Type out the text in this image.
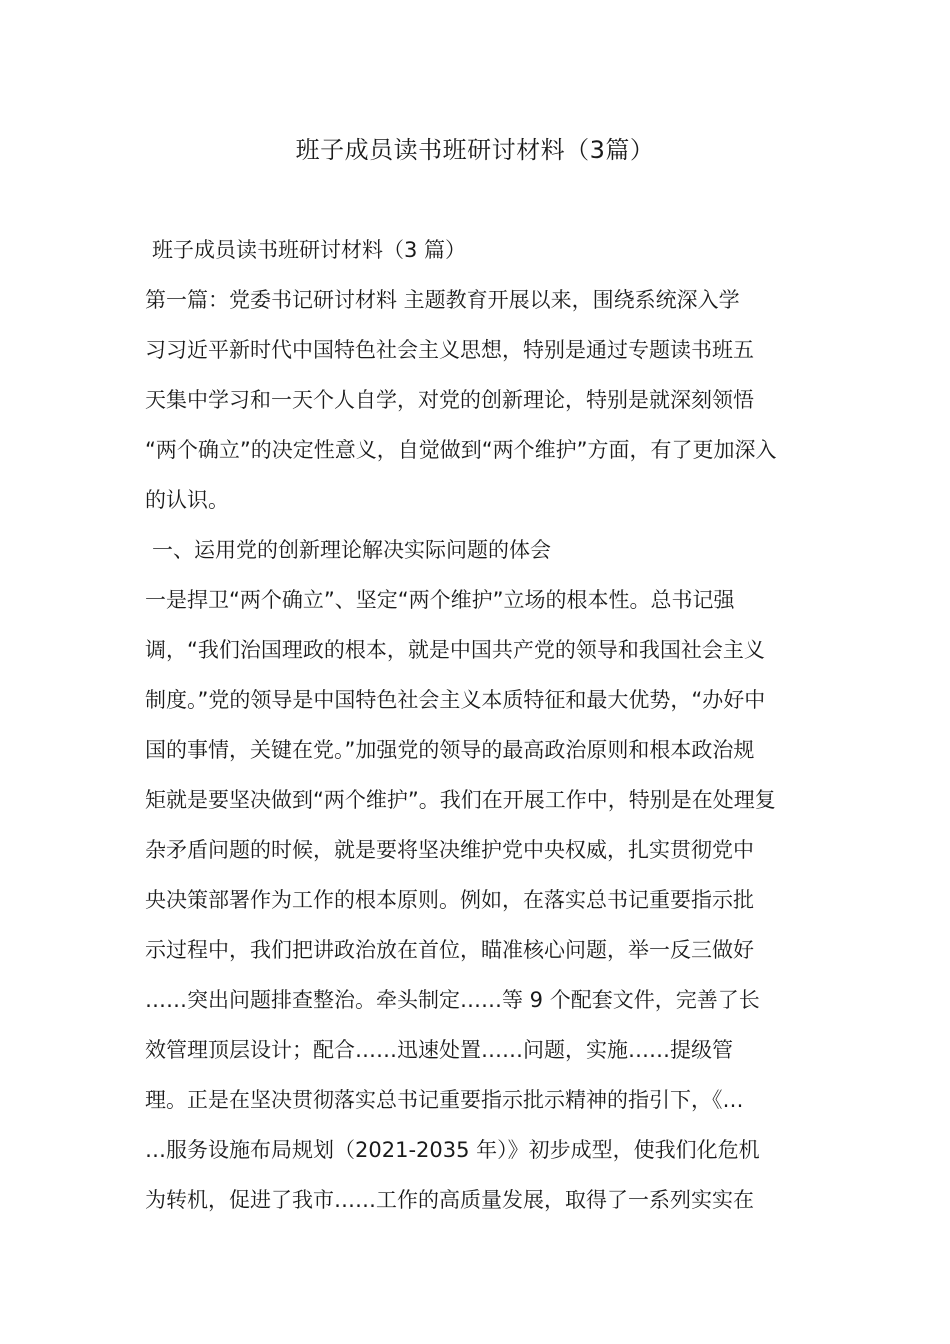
班子成员读书班研讨材料（3篇）
班子成员读书班研讨材料（3 篇）
第一篇：党委书记研讨材料 主题教育开展以来，围绕系统深入学
习习近平新时代中国特色社会主义思想，特别是通过专题读书班五
天集中学习和一天个人自学，对党的创新理论，特别是就深刻领悟
“两个确立”的决定性意义，自觉做到“两个维护”方面，有了更加深入
的认识。
一、运用党的创新理论解决实际问题的体会
一是捍卫“两个确立”、坚定“两个维护”立场的根本性。总书记强
调，“我们治国理政的根本，就是中国共产党的领导和我国社会主义
制度。”党的领导是中国特色社会主义本质特征和最大优势，“办好中
国的事情，关键在党。”加强党的领导的最高政治原则和根本政治规
矩就是要坚决做到“两个维护”。我们在开展工作中，特别是在处理复
杂矛盾问题的时候，就是要将坚决维护党中央权威，扎实贯彻党中
央决策部署作为工作的根本原则。例如，在落实总书记重要指示批
示过程中，我们把讲政治放在首位，瞄准核心问题，举一反三做好
……突出问题排查整治。牵头制定……等 9 个配套文件，完善了长
效管理顶层设计；配合……迅速处置……问题，实施……提级管
理。正是在坚决贯彻落实总书记重要指示批示精神的指引下，《…
…服务设施布局规划（2021-2035 年）》初步成型，使我们化危机
为转机，促进了我市……工作的高质量发展，取得了一系列实实在
